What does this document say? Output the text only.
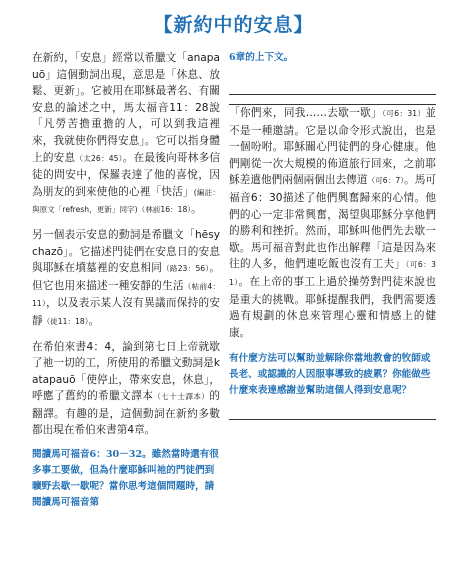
【新約中的安息】

在新約，「安息」經常以希臘文「anapauō」這個動詞出現，意思是「休息、放鬆、更新」。它被用在耶穌最著名、有關安息的論述之中，馬太福音11：28說「凡勞苦擔重擔的人，可以到我這裡來，我就使你們得安息」。它可以指身體上的安息（太26：45）。在最後向哥林多信徒的問安中，保羅表達了他的喜悅，因為朋友的到來使他的心裡「快活」(編註：與原文「refresh，更新」同字)（林前16：18）。

另一個表示安息的動詞是希臘文「hēsychazō」。它描述門徒們在安息日的安息與耶穌在墳墓裡的安息相同（路23：56）。但它也用來描述一種安靜的生活（帖前4：11），以及表示某人沒有異議而保持的安靜（徒11：18）。

在希伯來書4：4，論到第七日上帝就歇了祂一切的工，所使用的希臘文動詞是katapauō「使停止，帶來安息，休息」，呼應了舊約的希臘文譯本（七十士譯本）的翻譯。有趣的是，這個動詞在新約多數都出現在希伯來書第4章。

閱讀馬可福音6：30－32。雖然當時還有很多事工要做，但為什麼耶穌叫祂的門徒們到曠野去歇一歇呢？當你思考這個問題時，請閱讀馬可福音第

6章的上下文。

「你們來，同我……去歇一歇」（可6：31）並不是一種邀請。它是以命令形式說出，也是一個吩咐。耶穌關心門徒們的身心健康。他們剛從一次大規模的佈道旅行回來，之前耶穌差遣他們兩個兩個出去傳道（可6：7）。馬可福音6：30描述了他們興奮歸來的心情。他們的心一定非常興奮，渴望與耶穌分享他們的勝利和挫折。然而，耶穌叫他們先去歇一歇。馬可福音對此也作出解釋「這是因為來往的人多，他們連吃飯也沒有工夫」（可6：31）。在上帝的事工上過於操勞對門徒來說也是重大的挑戰。耶穌提醒我們，我們需要透過有規劃的休息來管理心靈和情感上的健康。

有什麼方法可以幫助並解除你當地教會的牧師或長老、或認識的人因服事導致的疲累？你能做些什麼來表達感謝並幫助這個人得到安息呢？
